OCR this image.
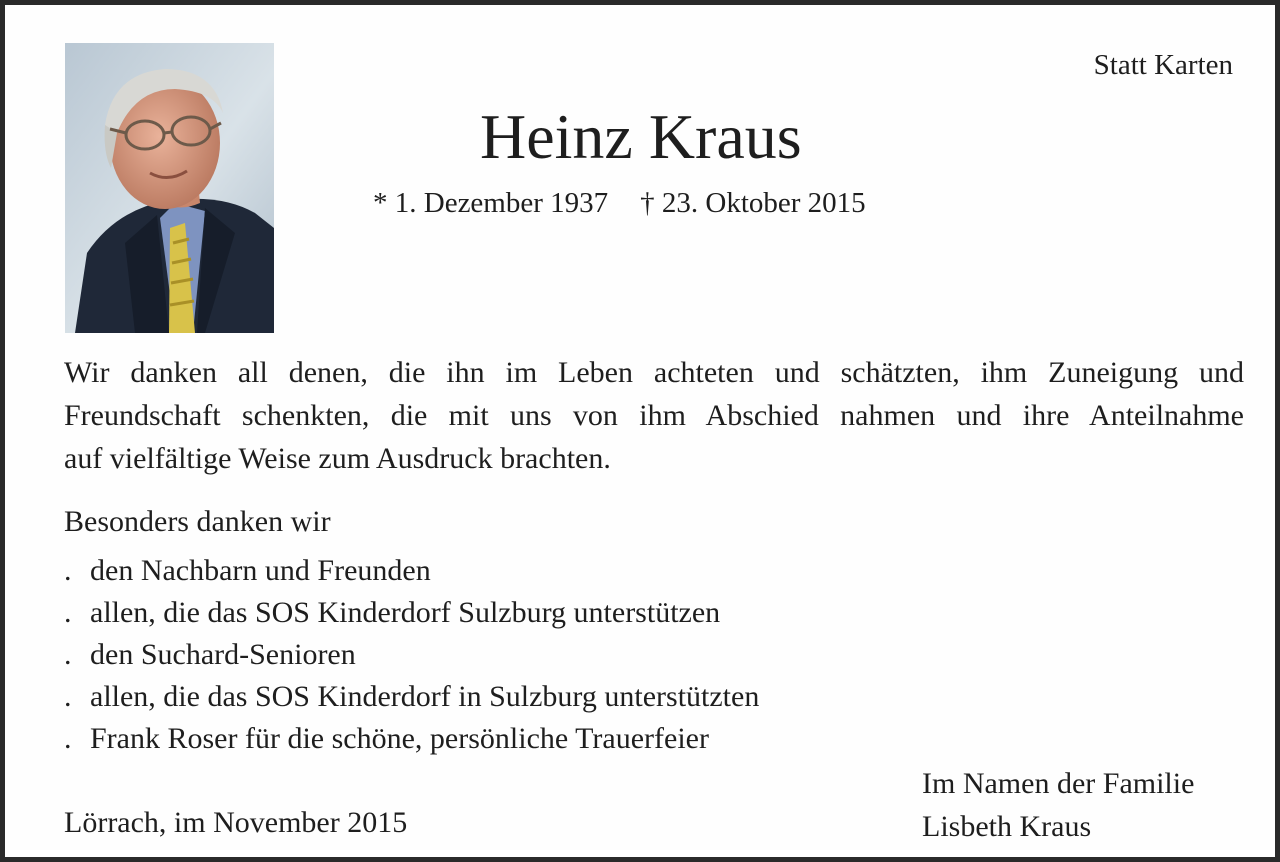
Statt Karten
Heinz Kraus
* 1. Dezember 1937 † 23. Oktober 2015
Wir danken all denen, die ihn im Leben achteten und schätzten, ihm Zuneigung und
Freundschaft schenkten, die mit uns von ihm Abschied nahmen und ihre Anteilnahme
auf vielfältige Weise zum Ausdruck brachten.
Besonders danken wir
. den Nachbarn und Freunden
. allen, die das SOS Kinderdorf Sulzburg unterstützen
. den Suchard-Senioren
. allen, die das SOS Kinderdorf in Sulzburg unterstützten
. Frank Roser für die schöne, persönliche Trauerfeier
Im Namen der Familie
Lisbeth Kraus
Lörrach, im November 2015
